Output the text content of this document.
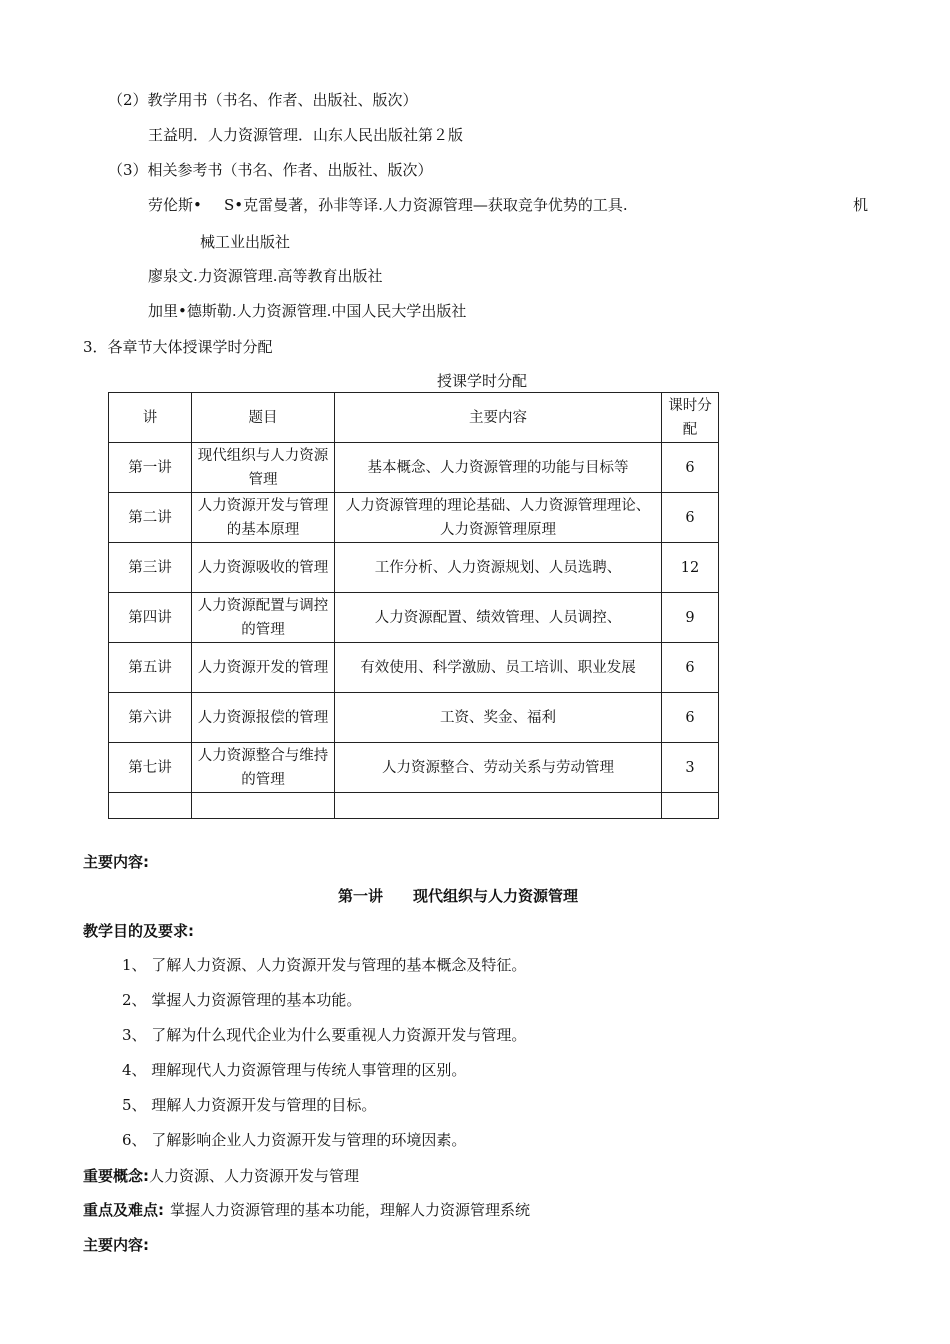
（2）教学用书（书名、作者、出版社、版次）
王益明．人力资源管理．山东人民出版社第２版
（3）相关参考书（书名、作者、出版社、版次）
劳伦斯• S•克雷曼著，孙非等译.人力资源管理—获取竞争优势的工具.	机
械工业出版社
廖泉文.力资源管理.高等教育出版社
加里•德斯勒.人力资源管理.中国人民大学出版社
3．各章节大体授课学时分配
授课学时分配
讲	题目	主要内容	课时分配
第一讲	现代组织与人力资源管理	基本概念、人力资源管理的功能与目标等	6
第二讲	人力资源开发与管理的基本原理	人力资源管理的理论基础、人力资源管理理论、人力资源管理原理	6
第三讲	人力资源吸收的管理	工作分析、人力资源规划、人员选聘、	12
第四讲	人力资源配置与调控的管理	人力资源配置、绩效管理、人员调控、	9
第五讲	人力资源开发的管理	有效使用、科学激励、员工培训、职业发展	6
第六讲	人力资源报偿的管理	工资、奖金、福利	6
第七讲	人力资源整合与维持的管理	人力资源整合、劳动关系与劳动管理	3

主要内容:
第一讲　　现代组织与人力资源管理
教学目的及要求:
1、 了解人力资源、人力资源开发与管理的基本概念及特征。
2、 掌握人力资源管理的基本功能。
3、 了解为什么现代企业为什么要重视人力资源开发与管理。
4、 理解现代人力资源管理与传统人事管理的区别。
5、 理解人力资源开发与管理的目标。
6、 了解影响企业人力资源开发与管理的环境因素。
重要概念:人力资源、人力资源开发与管理
重点及难点: 掌握人力资源管理的基本功能，理解人力资源管理系统
主要内容:
